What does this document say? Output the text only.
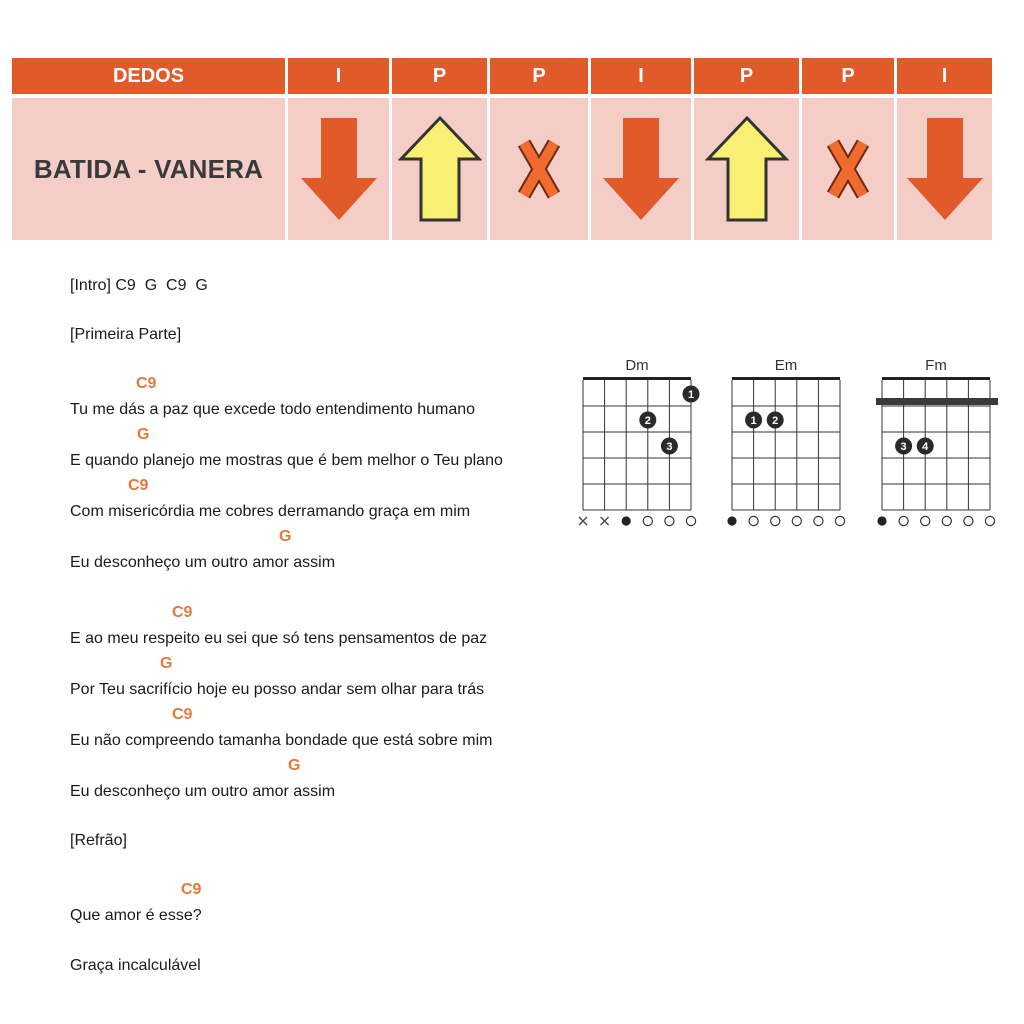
DEDOS	I	P	P	I	P	P	I
BATIDA - VANERA
[Intro] C9  G  C9  G
[Primeira Parte]
C9
Tu me dás a paz que excede todo entendimento humano
G
E quando planejo me mostras que é bem melhor o Teu plano
C9
Com misericórdia me cobres derramando graça em mim
G
Eu desconheço um outro amor assim
C9
E ao meu respeito eu sei que só tens pensamentos de paz
G
Por Teu sacrifício hoje eu posso andar sem olhar para trás
C9
Eu não compreendo tamanha bondade que está sobre mim
G
Eu desconheço um outro amor assim
[Refrão]
C9
Que amor é esse?
Graça incalculável
Dm
1
2
3
Em
1 2
Fm
3 4
